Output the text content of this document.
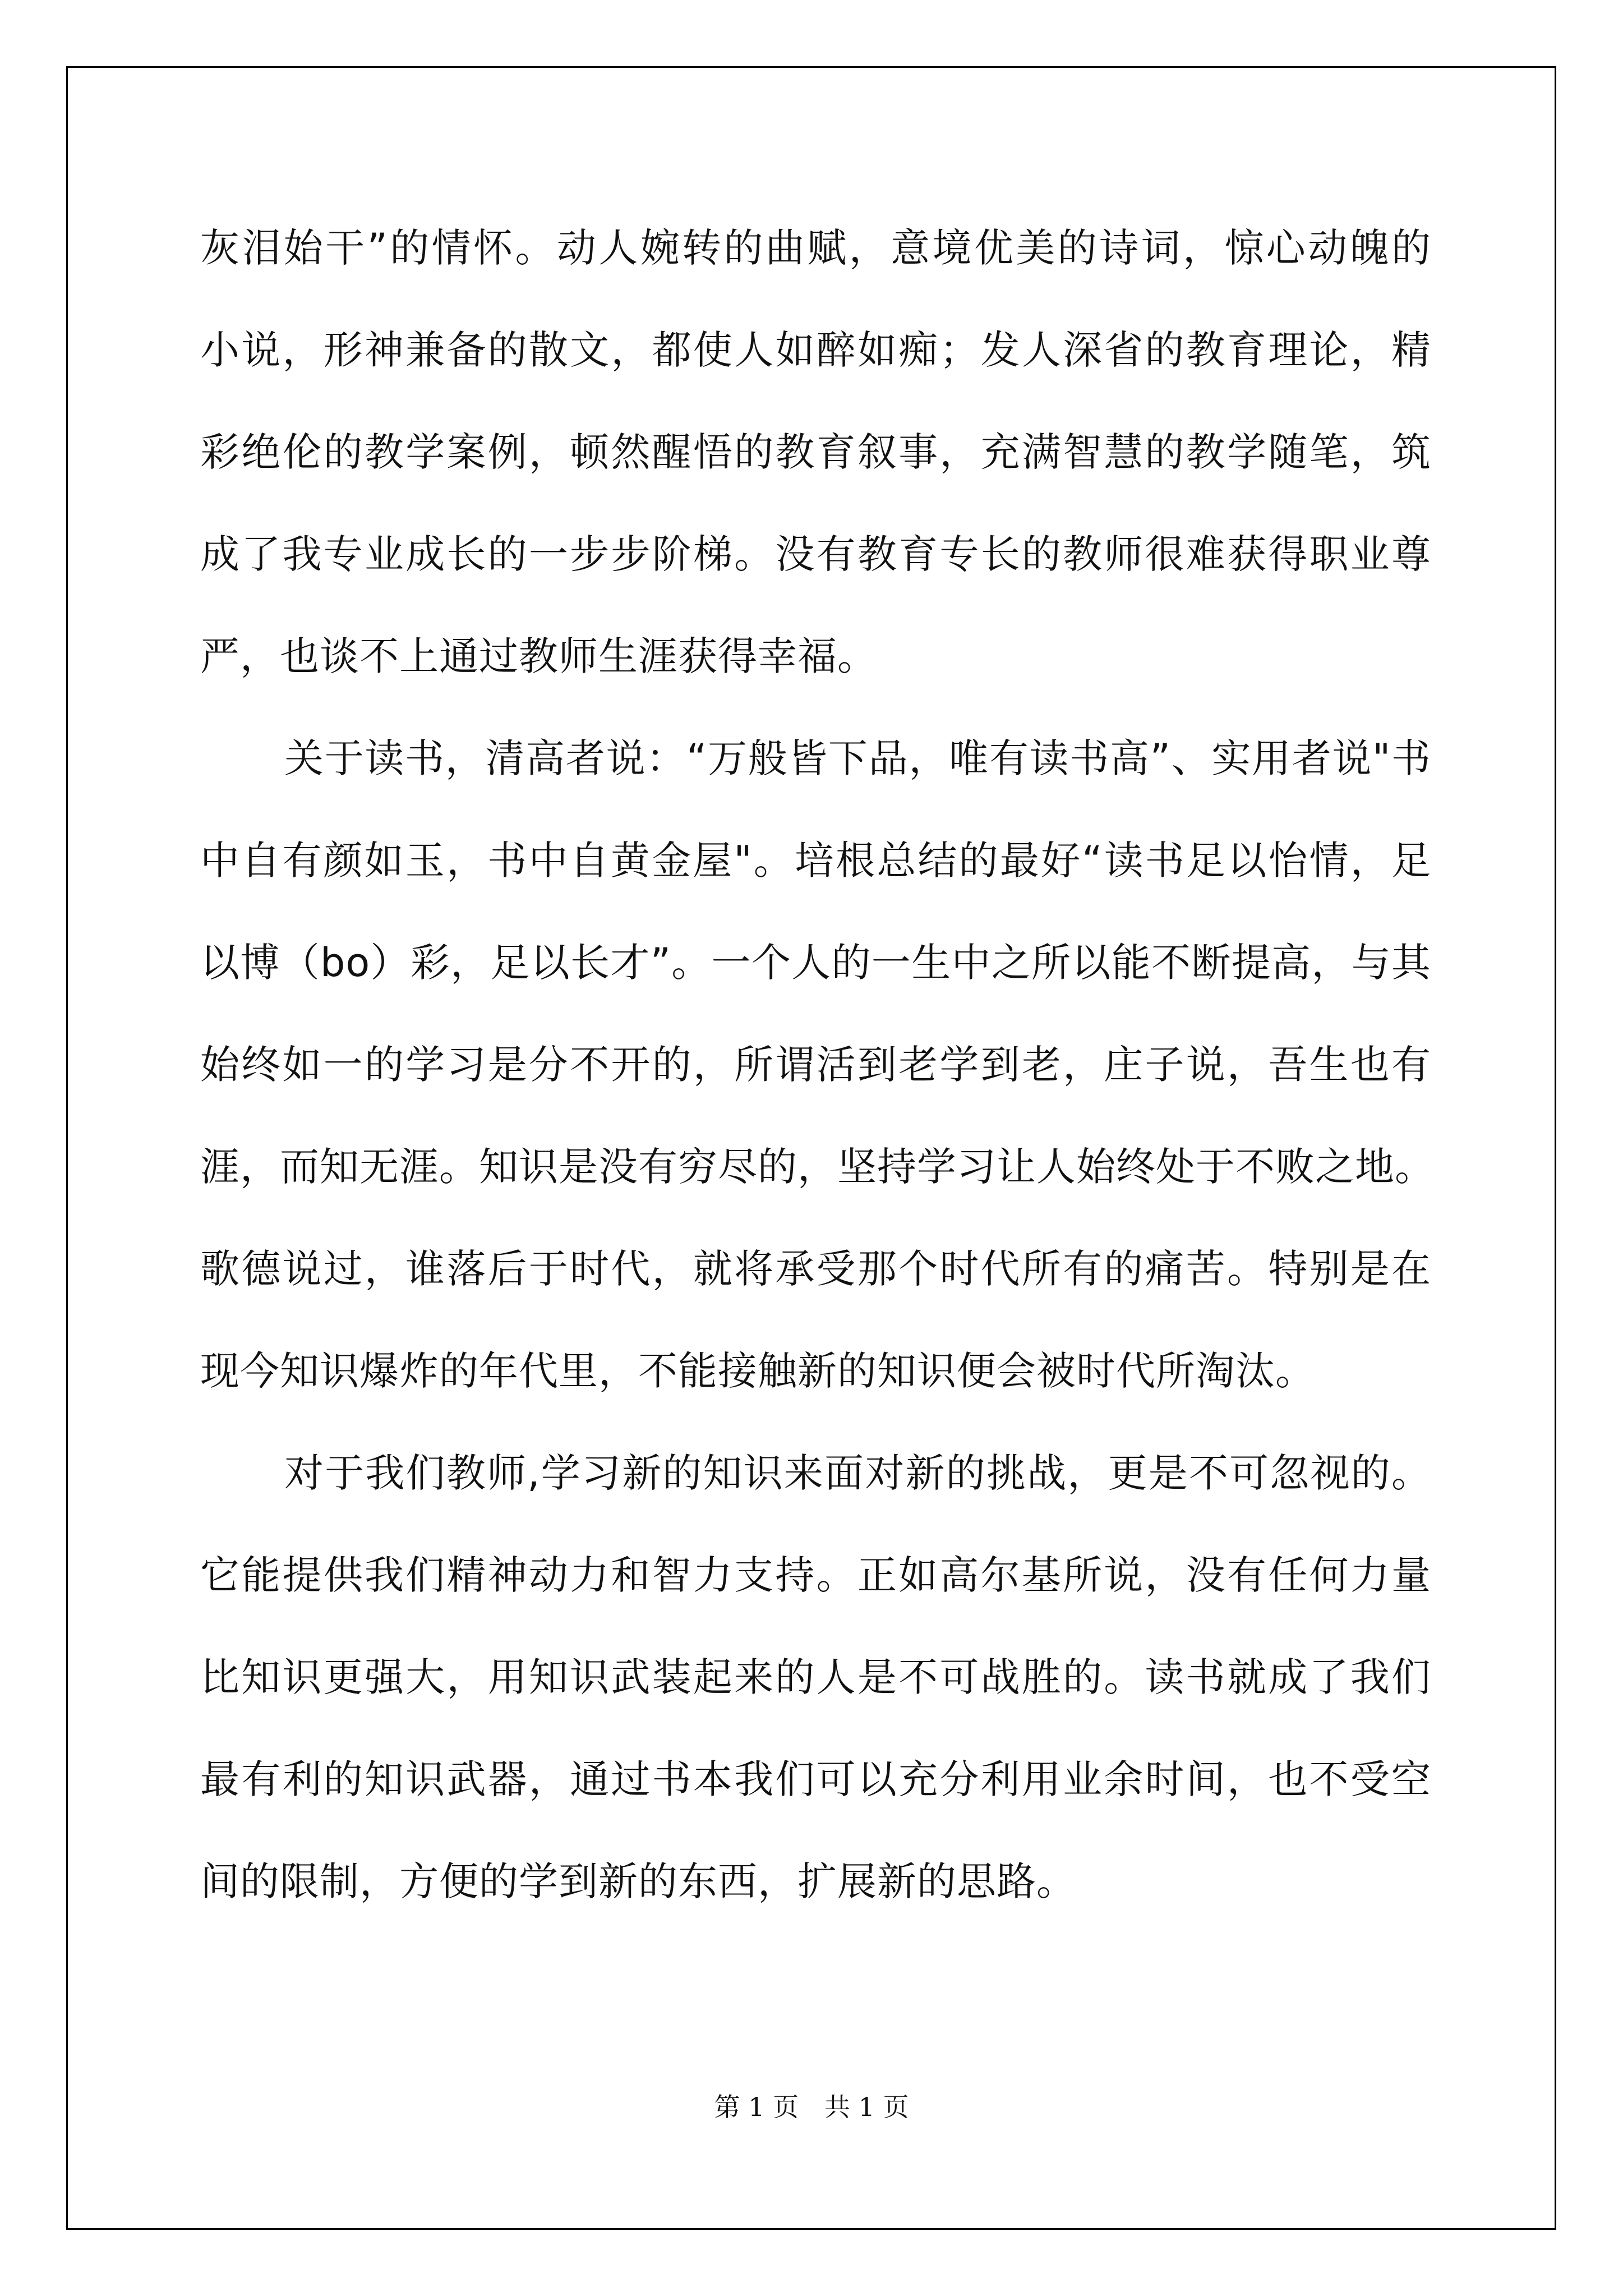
灰泪始干”的情怀。动人婉转的曲赋，意境优美的诗词，惊心动魄的
小说，形神兼备的散文，都使人如醉如痴；发人深省的教育理论，精
彩绝伦的教学案例，顿然醒悟的教育叙事，充满智慧的教学随笔，筑
成了我专业成长的一步步阶梯。没有教育专长的教师很难获得职业尊
严，也谈不上通过教师生涯获得幸福。
关于读书，清高者说：“万般皆下品，唯有读书高”、实用者说"书
中自有颜如玉，书中自黄金屋"。培根总结的最好“读书足以怡情，足
以博（bo）彩，足以长才”。一个人的一生中之所以能不断提高，与其
始终如一的学习是分不开的，所谓活到老学到老，庄子说，吾生也有
涯，而知无涯。知识是没有穷尽的，坚持学习让人始终处于不败之地。
歌德说过，谁落后于时代，就将承受那个时代所有的痛苦。特别是在
现今知识爆炸的年代里，不能接触新的知识便会被时代所淘汰。
对于我们教师,学习新的知识来面对新的挑战，更是不可忽视的。
它能提供我们精神动力和智力支持。正如高尔基所说，没有任何力量
比知识更强大，用知识武装起来的人是不可战胜的。读书就成了我们
最有利的知识武器，通过书本我们可以充分利用业余时间，也不受空
间的限制，方便的学到新的东西，扩展新的思路。
第 1 页　共 1 页
